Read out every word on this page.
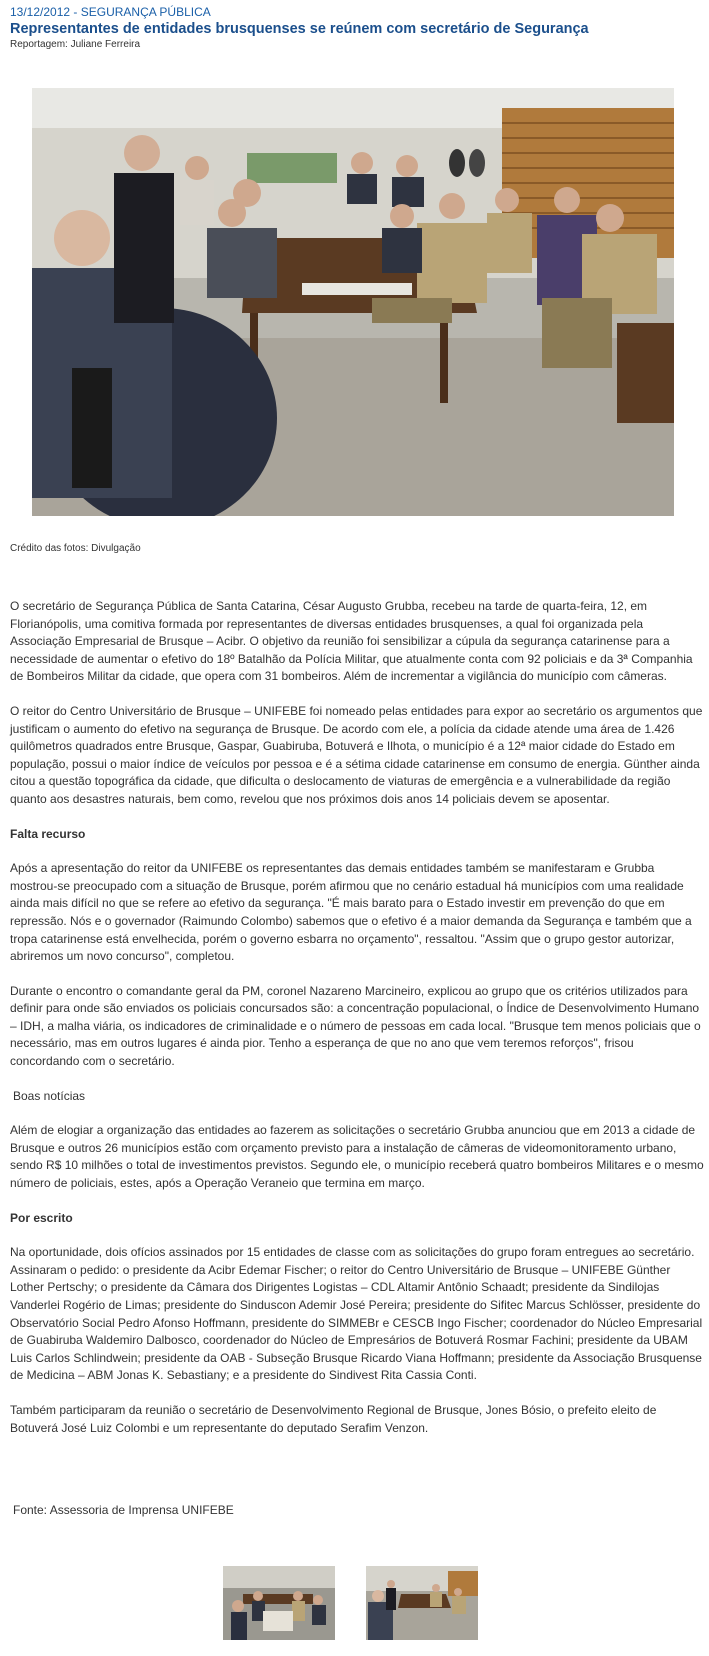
13/12/2012 - SEGURANÇA PÚBLICA
Representantes de entidades brusquenses se reúnem com secretário de Segurança
Reportagem: Juliane Ferreira
Crédito das fotos: Divulgação

O secretário de Segurança Pública de Santa Catarina, César Augusto Grubba, recebeu na tarde de quarta-feira, 12, em Florianópolis, uma comitiva formada por representantes de diversas entidades brusquenses, a qual foi organizada pela Associação Empresarial de Brusque – Acibr. O objetivo da reunião foi sensibilizar a cúpula da segurança catarinense para a necessidade de aumentar o efetivo do 18º Batalhão da Polícia Militar, que atualmente conta com 92 policiais e da 3ª Companhia de Bombeiros Militar da cidade, que opera com 31 bombeiros. Além de incrementar a vigilância do município com câmeras.

O reitor do Centro Universitário de Brusque – UNIFEBE foi nomeado pelas entidades para expor ao secretário os argumentos que justificam o aumento do efetivo na segurança de Brusque. De acordo com ele, a polícia da cidade atende uma área de 1.426 quilômetros quadrados entre Brusque, Gaspar, Guabiruba, Botuverá e Ilhota, o município é a 12ª maior cidade do Estado em população, possui o maior índice de veículos por pessoa e é a sétima cidade catarinense em consumo de energia. Günther ainda citou a questão topográfica da cidade, que dificulta o deslocamento de viaturas de emergência e a vulnerabilidade da região quanto aos desastres naturais, bem como, revelou que nos próximos dois anos 14 policiais devem se aposentar.

Falta recurso

Após a apresentação do reitor da UNIFEBE os representantes das demais entidades também se manifestaram e Grubba mostrou-se preocupado com a situação de Brusque, porém afirmou que no cenário estadual há municípios com uma realidade ainda mais difícil no que se refere ao efetivo da segurança. "É mais barato para o Estado investir em prevenção do que em repressão. Nós e o governador (Raimundo Colombo) sabemos que o efetivo é a maior demanda da Segurança e também que a tropa catarinense está envelhecida, porém o governo esbarra no orçamento", ressaltou. "Assim que o grupo gestor autorizar, abriremos um novo concurso", completou.

Durante o encontro o comandante geral da PM, coronel Nazareno Marcineiro, explicou ao grupo que os critérios utilizados para definir para onde são enviados os policiais concursados são: a concentração populacional, o Índice de Desenvolvimento Humano – IDH, a malha viária, os indicadores de criminalidade e o número de pessoas em cada local. "Brusque tem menos policiais que o necessário, mas em outros lugares é ainda pior. Tenho a esperança de que no ano que vem teremos reforços", frisou concordando com o secretário.

Boas notícias

Além de elogiar a organização das entidades ao fazerem as solicitações o secretário Grubba anunciou que em 2013 a cidade de Brusque e outros 26 municípios estão com orçamento previsto para a instalação de câmeras de videomonitoramento urbano, sendo R$ 10 milhões o total de investimentos previstos. Segundo ele, o município receberá quatro bombeiros Militares e o mesmo número de policiais, estes, após a Operação Veraneio que termina em março.

Por escrito

Na oportunidade, dois ofícios assinados por 15 entidades de classe com as solicitações do grupo foram entregues ao secretário. Assinaram o pedido: o presidente da Acibr Edemar Fischer; o reitor do Centro Universitário de Brusque – UNIFEBE Günther Lother Pertschy; o presidente da Câmara dos Dirigentes Logistas – CDL Altamir Antônio Schaadt; presidente da Sindilojas Vanderlei Rogério de Limas; presidente do Sinduscon Ademir José Pereira; presidente do Sifitec Marcus Schlösser, presidente do Observatório Social Pedro Afonso Hoffmann, presidente do SIMMEBr e CESCB Ingo Fischer; coordenador do Núcleo Empresarial de Guabiruba Waldemiro Dalbosco, coordenador do Núcleo de Empresários de Botuverá Rosmar Fachini; presidente da UBAM Luis Carlos Schlindwein; presidente da OAB - Subseção Brusque Ricardo Viana Hoffmann; presidente da Associação Brusquense de Medicina – ABM Jonas K. Sebastiany; e a presidente do Sindivest Rita Cassia Conti.

Também participaram da reunião o secretário de Desenvolvimento Regional de Brusque, Jones Bósio, o prefeito eleito de Botuverá José Luiz Colombi e um representante do deputado Serafim Venzon.

Fonte: Assessoria de Imprensa UNIFEBE
